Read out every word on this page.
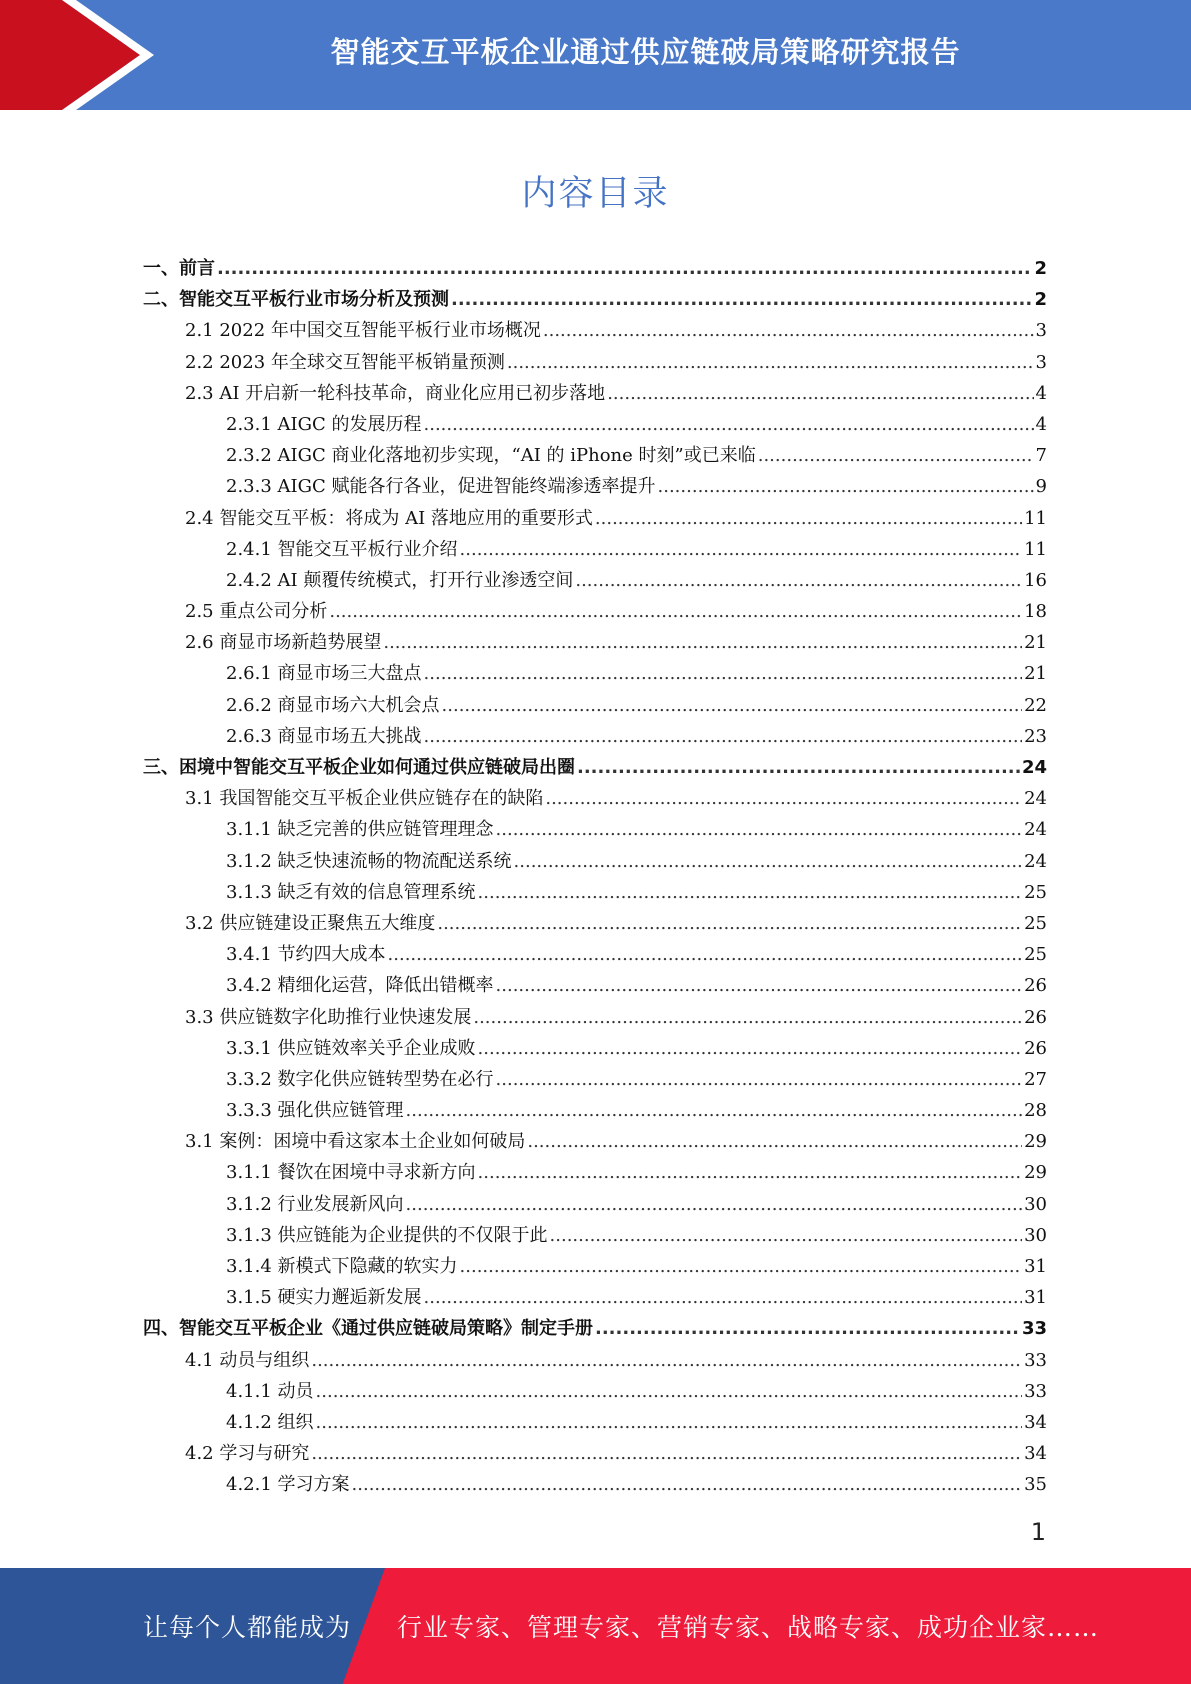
智能交互平板企业通过供应链破局策略研究报告
内容目录
一、前言 .....	2
二、智能交互平板行业市场分析及预测 .....	2
2.1 2022 年中国交互智能平板行业市场概况 .....	3
2.2 2023 年全球交互智能平板销量预测 .....	3
2.3 AI 开启新一轮科技革命，商业化应用已初步落地 .....	4
2.3.1 AIGC 的发展历程 .....	4
2.3.2 AIGC 商业化落地初步实现，“AI 的 iPhone 时刻”或已来临 .....	7
2.3.3 AIGC 赋能各行各业，促进智能终端渗透率提升 .....	9
2.4 智能交互平板：将成为 AI 落地应用的重要形式 .....	11
2.4.1 智能交互平板行业介绍 .....	11
2.4.2 AI 颠覆传统模式，打开行业渗透空间 .....	16
2.5 重点公司分析 .....	18
2.6 商显市场新趋势展望 .....	21
2.6.1 商显市场三大盘点 .....	21
2.6.2 商显市场六大机会点 .....	22
2.6.3 商显市场五大挑战 .....	23
三、困境中智能交互平板企业如何通过供应链破局出圈 .....	24
3.1 我国智能交互平板企业供应链存在的缺陷 .....	24
3.1.1 缺乏完善的供应链管理理念 .....	24
3.1.2 缺乏快速流畅的物流配送系统 .....	24
3.1.3 缺乏有效的信息管理系统 .....	25
3.2 供应链建设正聚焦五大维度 .....	25
3.4.1 节约四大成本 .....	25
3.4.2 精细化运营，降低出错概率 .....	26
3.3 供应链数字化助推行业快速发展 .....	26
3.3.1 供应链效率关乎企业成败 .....	26
3.3.2 数字化供应链转型势在必行 .....	27
3.3.3 强化供应链管理 .....	28
3.1 案例：困境中看这家本土企业如何破局 .....	29
3.1.1 餐饮在困境中寻求新方向 .....	29
3.1.2 行业发展新风向 .....	30
3.1.3 供应链能为企业提供的不仅限于此 .....	30
3.1.4 新模式下隐藏的软实力 .....	31
3.1.5 硬实力邂逅新发展 .....	31
四、智能交互平板企业《通过供应链破局策略》制定手册 .....	33
4.1 动员与组织 .....	33
4.1.1 动员 .....	33
4.1.2 组织 .....	34
4.2 学习与研究 .....	34
4.2.1 学习方案 .....	35
1
让每个人都能成为 行业专家、管理专家、营销专家、战略专家、成功企业家……
